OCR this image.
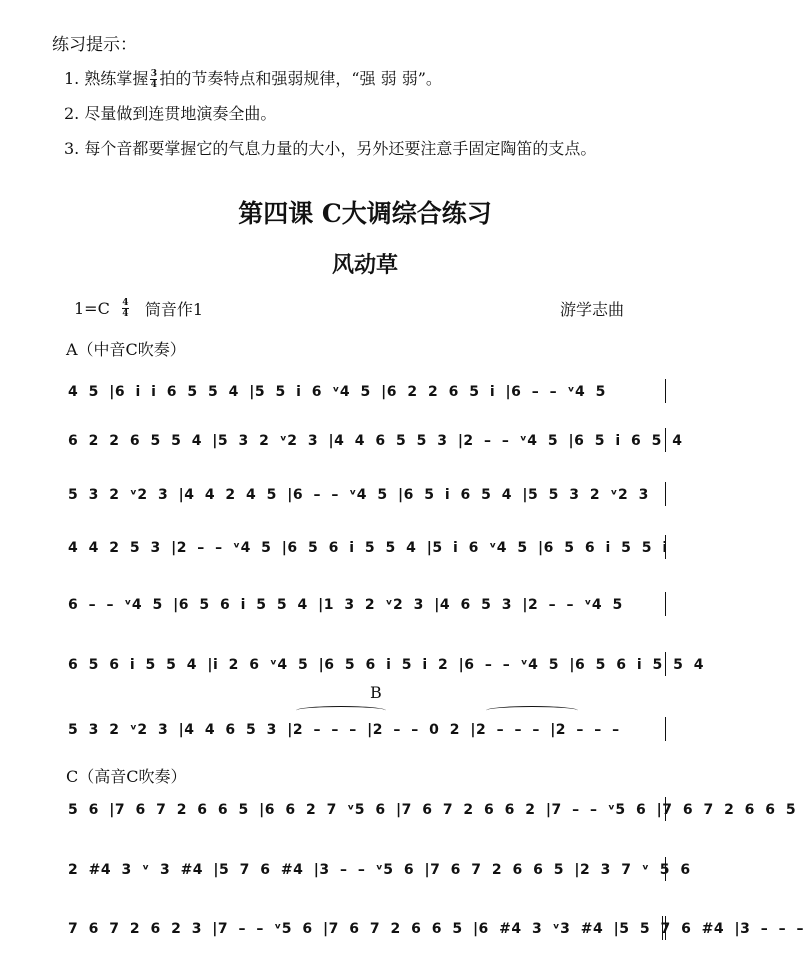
练习提示：
1. 熟练掌握 $\frac{3}{4}$ 拍的节奏特点和强弱规律，“强 弱 弱”。
2. 尽量做到连贯地演奏全曲。
3. 每个音都要掌握它的气息力量的大小，另外还要注意手固定陶笛的支点。
第四课 C大调综合练习
风动草
$1=C \frac{4}{4}$ 筒音作1	游学志曲
A（中音C吹奏）
B
C（高音C吹奏）
4 5 |6 i i 6 5 5 4 |5 5 i 6 ᵛ4 5 |6 2 2 6 5 i |6 – – ᵛ4 5
6 2 2 6 5 5 4 |5 3 2 ᵛ2 3 |4 4 6 5 5 3 |2 – – ᵛ4 5 |6 5 i 6 5 4
5 3 2 ᵛ2 3 |4 4 2 4 5 |6 – – ᵛ4 5 |6 5 i 6 5 4 |5 5 3 2 ᵛ2 3
4 4 2 5 3 |2 – – ᵛ4 5 |6 5 6 i 5 5 4 |5 i 6 ᵛ4 5 |6 5 6 i 5 5 i
6 – – ᵛ4 5 |6 5 6 i 5 5 4 |1 3 2 ᵛ2 3 |4 6 5 3 |2 – – ᵛ4 5
6 5 6 i 5 5 4 |i 2 6 ᵛ4 5 |6 5 6 i 5 i 2 |6 – – ᵛ4 5 |6 5 6 i 5 5 4
5 3 2 ᵛ2 3 |4 4 6 5 3 |2 – – – |2 – – 0 2 |2 – – – |2 – – –
5 6 |7 6 7 2 6 6 5 |6 6 2 7 ᵛ5 6 |7 6 7 2 6 6 2 |7 – – ᵛ5 6 |7 6 7 2 6 6 5
2 #4 3 ᵛ 3 #4 |5 7 6 #4 |3 – – ᵛ5 6 |7 6 7 2 6 6 5 |2 3 7 ᵛ 5 6
7 6 7 2 6 2 3 |7 – – ᵛ5 6 |7 6 7 2 6 6 5 |6 #4 3 ᵛ3 #4 |5 5 7 6 #4 |3 – – –
